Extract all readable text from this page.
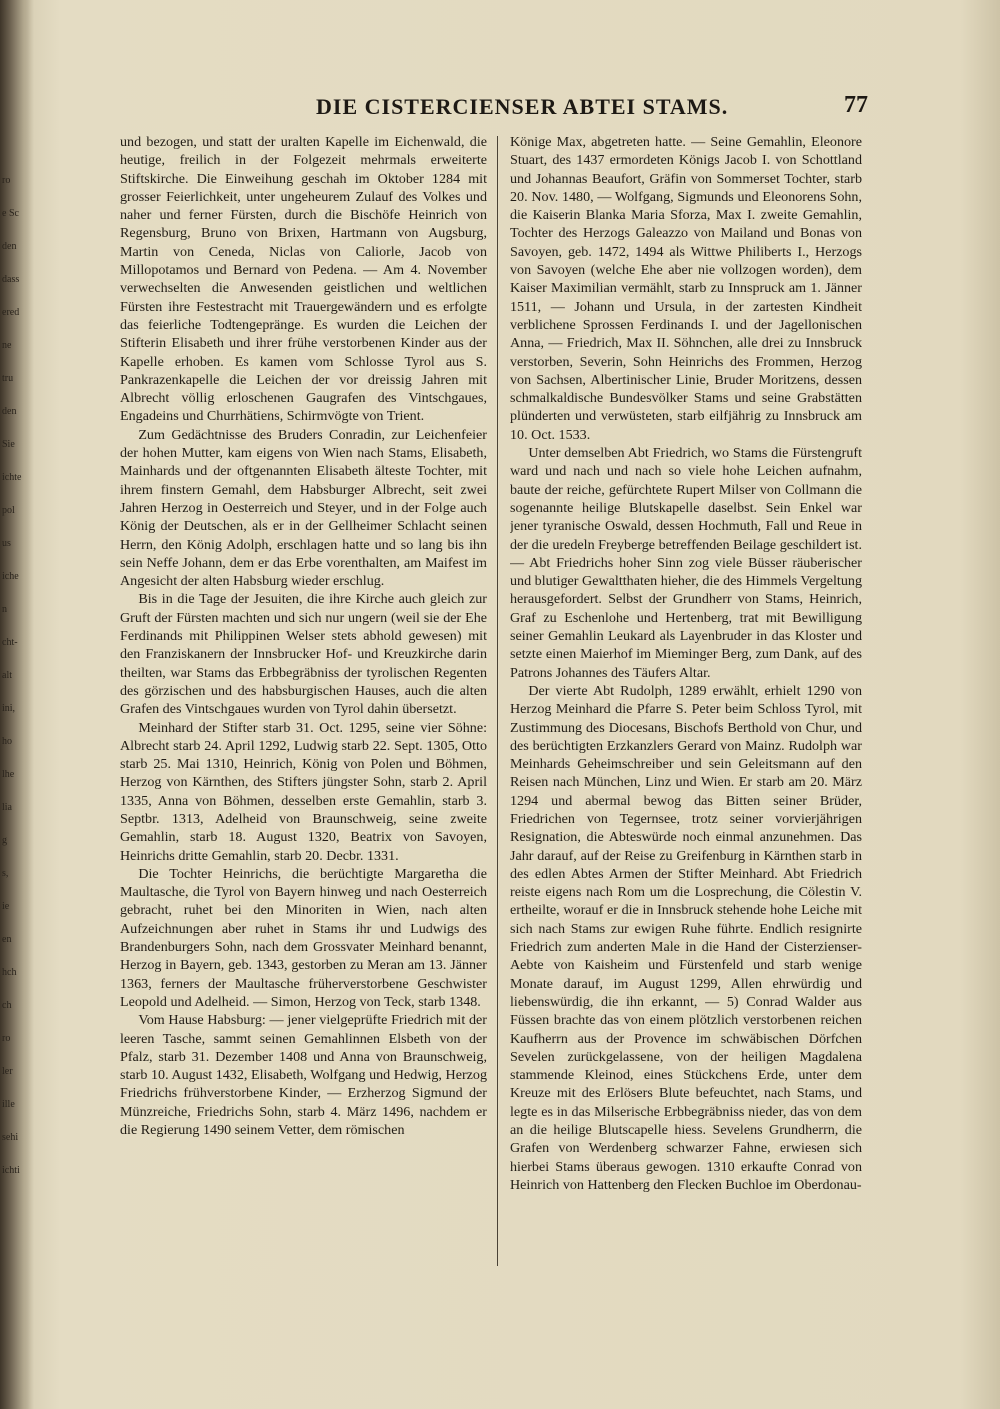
ro
e Sc
den
dass
ered
ne
tru
den
Sie
ichte
pol
us
iche
n
cht-
alt
ini,
ho
lhe
lia
g
s,
ie
en
hch
ch
ro
ler
ille
sehi
ichti
DIE CISTERCIENSER ABTEI STAMS.	77

und bezogen, und statt der uralten Kapelle im Eichenwald, die heutige, freilich in der Folgezeit mehrmals erweiterte Stiftskirche. Die Einweihung geschah im Oktober 1284 mit grosser Feierlichkeit, unter ungeheurem Zulauf des Volkes und naher und ferner Fürsten, durch die Bischöfe Heinrich von Regensburg, Bruno von Brixen, Hartmann von Augsburg, Martin von Ceneda, Niclas von Caliorle, Jacob von Millopotamos und Bernard von Pedena. — Am 4. November verwechselten die Anwesenden geistlichen und weltlichen Fürsten ihre Festestracht mit Trauergewändern und es erfolgte das feierliche Todtengepränge. Es wurden die Leichen der Stifterin Elisabeth und ihrer frühe verstorbenen Kinder aus der Kapelle erhoben. Es kamen vom Schlosse Tyrol aus S. Pankrazenkapelle die Leichen der vor dreissig Jahren mit Albrecht völlig erloschenen Gaugrafen des Vintschgaues, Engadeins und Churrhätiens, Schirmvögte von Trient.

Zum Gedächtnisse des Bruders Conradin, zur Leichenfeier der hohen Mutter, kam eigens von Wien nach Stams, Elisabeth, Mainhards und der oftgenannten Elisabeth älteste Tochter, mit ihrem finstern Gemahl, dem Habsburger Albrecht, seit zwei Jahren Herzog in Oesterreich und Steyer, und in der Folge auch König der Deutschen, als er in der Gellheimer Schlacht seinen Herrn, den König Adolph, erschlagen hatte und so lang bis ihn sein Neffe Johann, dem er das Erbe vorenthalten, am Maifest im Angesicht der alten Habsburg wieder erschlug.

Bis in die Tage der Jesuiten, die ihre Kirche auch gleich zur Gruft der Fürsten machten und sich nur ungern (weil sie der Ehe Ferdinands mit Philippinen Welser stets abhold gewesen) mit den Franziskanern der Innsbrucker Hof- und Kreuzkirche darin theilten, war Stams das Erbbegräbniss der tyrolischen Regenten des görzischen und des habsburgischen Hauses, auch die alten Grafen des Vintschgaues wurden von Tyrol dahin übersetzt.

Meinhard der Stifter starb 31. Oct. 1295, seine vier Söhne: Albrecht starb 24. April 1292, Ludwig starb 22. Sept. 1305, Otto starb 25. Mai 1310, Heinrich, König von Polen und Böhmen, Herzog von Kärnthen, des Stifters jüngster Sohn, starb 2. April 1335, Anna von Böhmen, desselben erste Gemahlin, starb 3. Septbr. 1313, Adelheid von Braunschweig, seine zweite Gemahlin, starb 18. August 1320, Beatrix von Savoyen, Heinrichs dritte Gemahlin, starb 20. Decbr. 1331.

Die Tochter Heinrichs, die berüchtigte Margaretha die Maultasche, die Tyrol von Bayern hinweg und nach Oesterreich gebracht, ruhet bei den Minoriten in Wien, nach alten Aufzeichnungen aber ruhet in Stams ihr und Ludwigs des Brandenburgers Sohn, nach dem Grossvater Meinhard benannt, Herzog in Bayern, geb. 1343, gestorben zu Meran am 13. Jänner 1363, ferners der Maultasche früherverstorbene Geschwister Leopold und Adelheid. — Simon, Herzog von Teck, starb 1348.

Vom Hause Habsburg: — jener vielgeprüfte Friedrich mit der leeren Tasche, sammt seinen Gemahlinnen Elsbeth von der Pfalz, starb 31. Dezember 1408 und Anna von Braunschweig, starb 10. August 1432, Elisabeth, Wolfgang und Hedwig, Herzog Friedrichs frühverstorbene Kinder, — Erzherzog Sigmund der Münzreiche, Friedrichs Sohn, starb 4. März 1496, nachdem er die Regierung 1490 seinem Vetter, dem römischen

Könige Max, abgetreten hatte. — Seine Gemahlin, Eleonore Stuart, des 1437 ermordeten Königs Jacob I. von Schottland und Johannas Beaufort, Gräfin von Sommerset Tochter, starb 20. Nov. 1480, — Wolfgang, Sigmunds und Eleonorens Sohn, die Kaiserin Blanka Maria Sforza, Max I. zweite Gemahlin, Tochter des Herzogs Galeazzo von Mailand und Bonas von Savoyen, geb. 1472, 1494 als Wittwe Philiberts I., Herzogs von Savoyen (welche Ehe aber nie vollzogen worden), dem Kaiser Maximilian vermählt, starb zu Innspruck am 1. Jänner 1511, — Johann und Ursula, in der zartesten Kindheit verblichene Sprossen Ferdinands I. und der Jagellonischen Anna, — Friedrich, Max II. Söhnchen, alle drei zu Innsbruck verstorben, Severin, Sohn Heinrichs des Frommen, Herzog von Sachsen, Albertinischer Linie, Bruder Moritzens, dessen schmalkaldische Bundesvölker Stams und seine Grabstätten plünderten und verwüsteten, starb eilfjährig zu Innsbruck am 10. Oct. 1533.

Unter demselben Abt Friedrich, wo Stams die Fürstengruft ward und nach und nach so viele hohe Leichen aufnahm, baute der reiche, gefürchtete Rupert Milser von Collmann die sogenannte heilige Blutskapelle daselbst. Sein Enkel war jener tyranische Oswald, dessen Hochmuth, Fall und Reue in der die uredeln Freyberge betreffenden Beilage geschildert ist. — Abt Friedrichs hoher Sinn zog viele Büsser räuberischer und blutiger Gewaltthaten hieher, die des Himmels Vergeltung herausgefordert. Selbst der Grundherr von Stams, Heinrich, Graf zu Eschenlohe und Hertenberg, trat mit Bewilligung seiner Gemahlin Leukard als Layenbruder in das Kloster und setzte einen Maierhof im Mieminger Berg, zum Dank, auf des Patrons Johannes des Täufers Altar.

Der vierte Abt Rudolph, 1289 erwählt, erhielt 1290 von Herzog Meinhard die Pfarre S. Peter beim Schloss Tyrol, mit Zustimmung des Diocesans, Bischofs Berthold von Chur, und des berüchtigten Erzkanzlers Gerard von Mainz. Rudolph war Meinhards Geheimschreiber und sein Geleitsmann auf den Reisen nach München, Linz und Wien. Er starb am 20. März 1294 und abermal bewog das Bitten seiner Brüder, Friedrichen von Tegernsee, trotz seiner vorvierjährigen Resignation, die Abteswürde noch einmal anzunehmen. Das Jahr darauf, auf der Reise zu Greifenburg in Kärnthen starb in des edlen Abtes Armen der Stifter Meinhard. Abt Friedrich reiste eigens nach Rom um die Losprechung, die Cölestin V. ertheilte, worauf er die in Innsbruck stehende hohe Leiche mit sich nach Stams zur ewigen Ruhe führte. Endlich resignirte Friedrich zum anderten Male in die Hand der Cisterzienser-Aebte von Kaisheim und Fürstenfeld und starb wenige Monate darauf, im August 1299, Allen ehrwürdig und liebenswürdig, die ihn erkannt, — 5) Conrad Walder aus Füssen brachte das von einem plötzlich verstorbenen reichen Kaufherrn aus der Provence im schwäbischen Dörfchen Sevelen zurückgelassene, von der heiligen Magdalena stammende Kleinod, eines Stückchens Erde, unter dem Kreuze mit des Erlösers Blute befeuchtet, nach Stams, und legte es in das Milserische Erbbegräbniss nieder, das von dem an die heilige Blutscapelle hiess. Sevelens Grundherrn, die Grafen von Werdenberg schwarzer Fahne, erwiesen sich hierbei Stams überaus gewogen. 1310 erkaufte Conrad von Heinrich von Hattenberg den Flecken Buchloe im Oberdonau-
